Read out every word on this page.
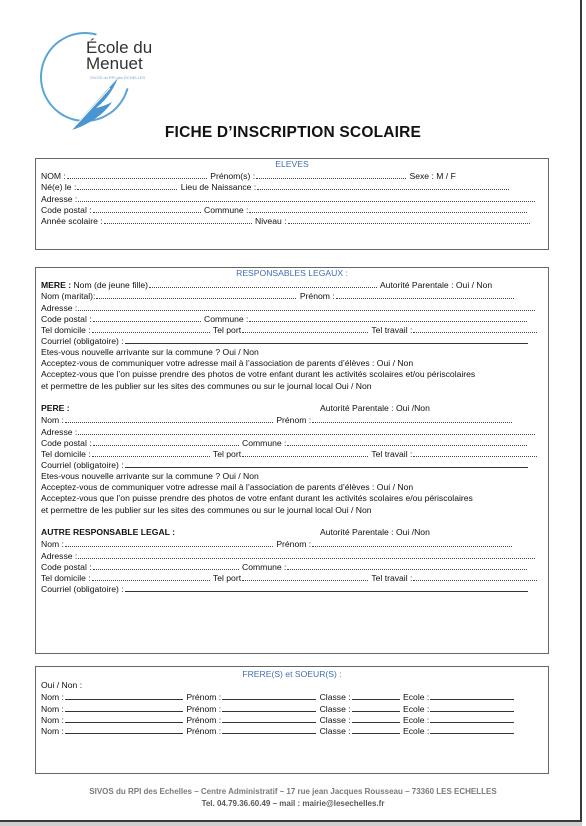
École du
Menuet
SIVOS du RPI des ÉCHELLES
FICHE D’INSCRIPTION SCOLAIRE
ELEVES
NOM :	Prénom(s) :	Sexe : M / F
Né(e) le :	Lieu de Naissance :
Adresse :
Code postal :	Commune :
Année scolaire :	Niveau :
RESPONSABLES LEGAUX :
MERE : Nom (de jeune fille)	Autorité Parentale : Oui / Non
Nom (marital):	Prénom :
Adresse :
Code postal :	Commune :
Tel domicile :	Tel port	Tel travail :
Courriel (obligatoire) :
Etes-vous nouvelle arrivante sur la commune ? Oui / Non
Acceptez-vous de communiquer votre adresse mail à l’association de parents d’élèves : Oui / Non
Acceptez-vous que l’on puisse prendre des photos de votre enfant durant les activités scolaires et/ou périscolaires
et permettre de les publier sur les sites des communes ou sur le journal local Oui / Non
PERE :	Autorité Parentale : Oui /Non
Nom :	Prénom :
Adresse :
Code postal :	Commune :
Tel domicile :	Tel port	Tel travail :
Courriel (obligatoire) :
Etes-vous nouvelle arrivante sur la commune ? Oui / Non
Acceptez-vous de communiquer votre adresse mail à l’association de parents d’élèves : Oui / Non
Acceptez-vous que l’on puisse prendre des photos de votre enfant durant les activités scolaires e/ou périscolaires
et permettre de les publier sur les sites des communes ou sur le journal local Oui / Non
AUTRE RESPONSABLE LEGAL :	Autorité Parentale : Oui /Non
Nom :	Prénom :
Adresse :
Code postal :	Commune :
Tel domicile :	Tel port	Tel travail :
Courriel (obligatoire) :
FRERE(S) et SOEUR(S) :
Oui / Non :
Nom :	Prénom :	Classe :	Ecole :
Nom :	Prénom :	Classe :	Ecole :
Nom :	Prénom :	Classe :	Ecole :
Nom :	Prénom :	Classe :	Ecole :
SIVOS du RPI des Echelles – Centre Administratif – 17 rue jean Jacques Rousseau – 73360 LES ECHELLES
Tel. 04.79.36.60.49 – mail : mairie@lesechelles.fr
